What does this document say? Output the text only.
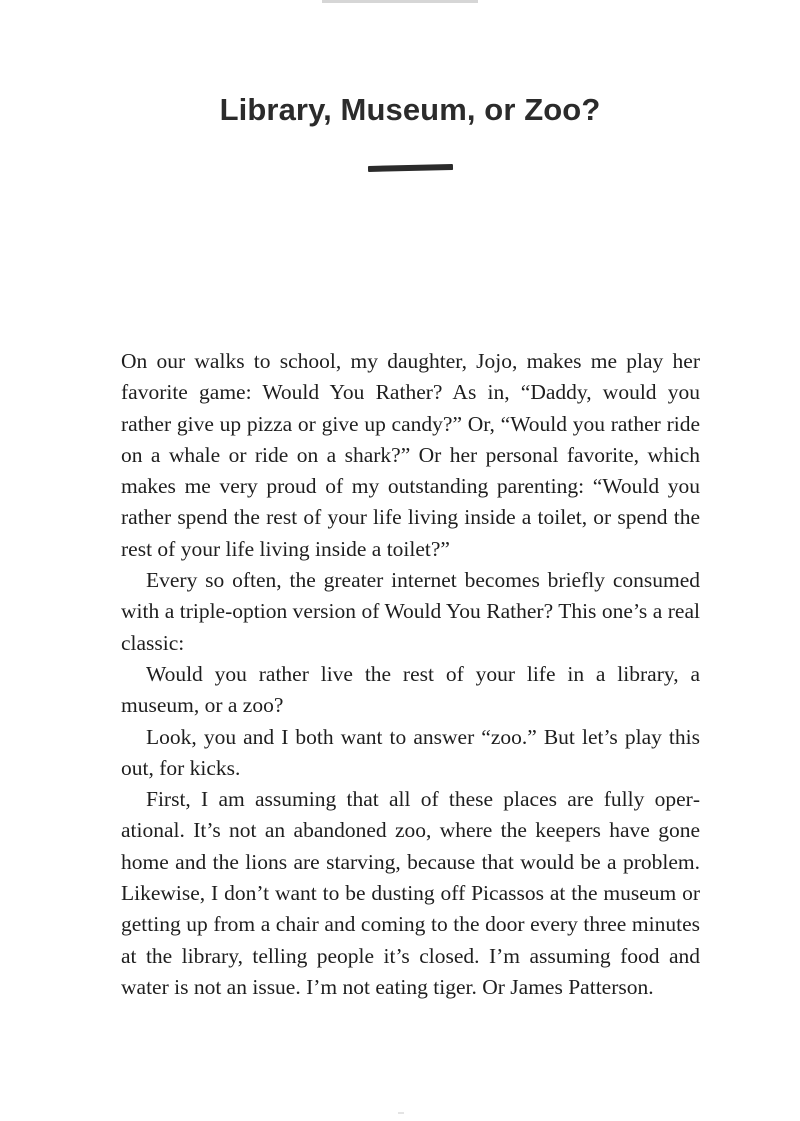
Library, Museum, or Zoo?

On our walks to school, my daughter, Jojo, makes me play her favorite game: Would You Rather? As in, “Daddy, would you rather give up pizza or give up candy?” Or, “Would you rather ride on a whale or ride on a shark?” Or her personal favorite, which makes me very proud of my outstanding parenting: “Would you rather spend the rest of your life living inside a toilet, or spend the rest of your life living inside a toilet?”

Every so often, the greater internet becomes briefly consumed with a triple-option version of Would You Rather? This one’s a real classic:

Would you rather live the rest of your life in a library, a museum, or a zoo?

Look, you and I both want to answer “zoo.” But let’s play this out, for kicks.

First, I am assuming that all of these places are fully operational. It’s not an abandoned zoo, where the keepers have gone home and the lions are starving, because that would be a problem. Likewise, I don’t want to be dusting off Picassos at the museum or getting up from a chair and coming to the door every three minutes at the library, telling people it’s closed. I’m assuming food and water is not an issue. I’m not eating tiger. Or James Patterson.
